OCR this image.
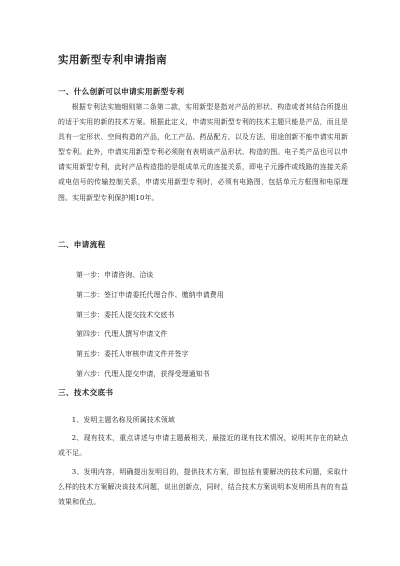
实用新型专利申请指南
一、什么创新可以申请实用新型专利

根据专利法实施细则第二条第二款，实用新型是指对产品的形状、构造或者其结合所提出的适于实用的新的技术方案。根据此定义，申请实用新型专利的技术主题只能是产品，而且是具有一定形状、空间构造的产品，化工产品、药品配方，以及方法、用途创新不能申请实用新型专利。此外，申请实用新型专利必须附有表明该产品形状、构造的图。电子类产品也可以申请实用新型专利，此时产品构造指的是组成单元的连接关系，即电子元器件或线路的连接关系或电信号的传输控制关系，申请实用新型专利时，必须有电路图，包括单元方框图和电原理图。实用新型专利保护期10年。

二、申请流程
第一步：申请咨询、洽谈
第二步：签订申请委托代理合作、缴纳申请费用
第三步：委托人提交技术交底书
第四步：代理人撰写申请文件
第五步：委托人审核申请文件并签字
第六步：代理人提交申请，获得受理通知书
三、技术交底书

1、发明主题名称及所属技术领域

2、现有技术，重点讲述与申请主题最相关、最接近的现有技术情况，说明其存在的缺点或不足。

3、发明内容，明确提出发明目的，提供技术方案，即包括有要解决的技术问题，采取什么样的技术方案解决该技术问题，说出创新点，同时，结合技术方案说明本发明所具有的有益效果和优点。
